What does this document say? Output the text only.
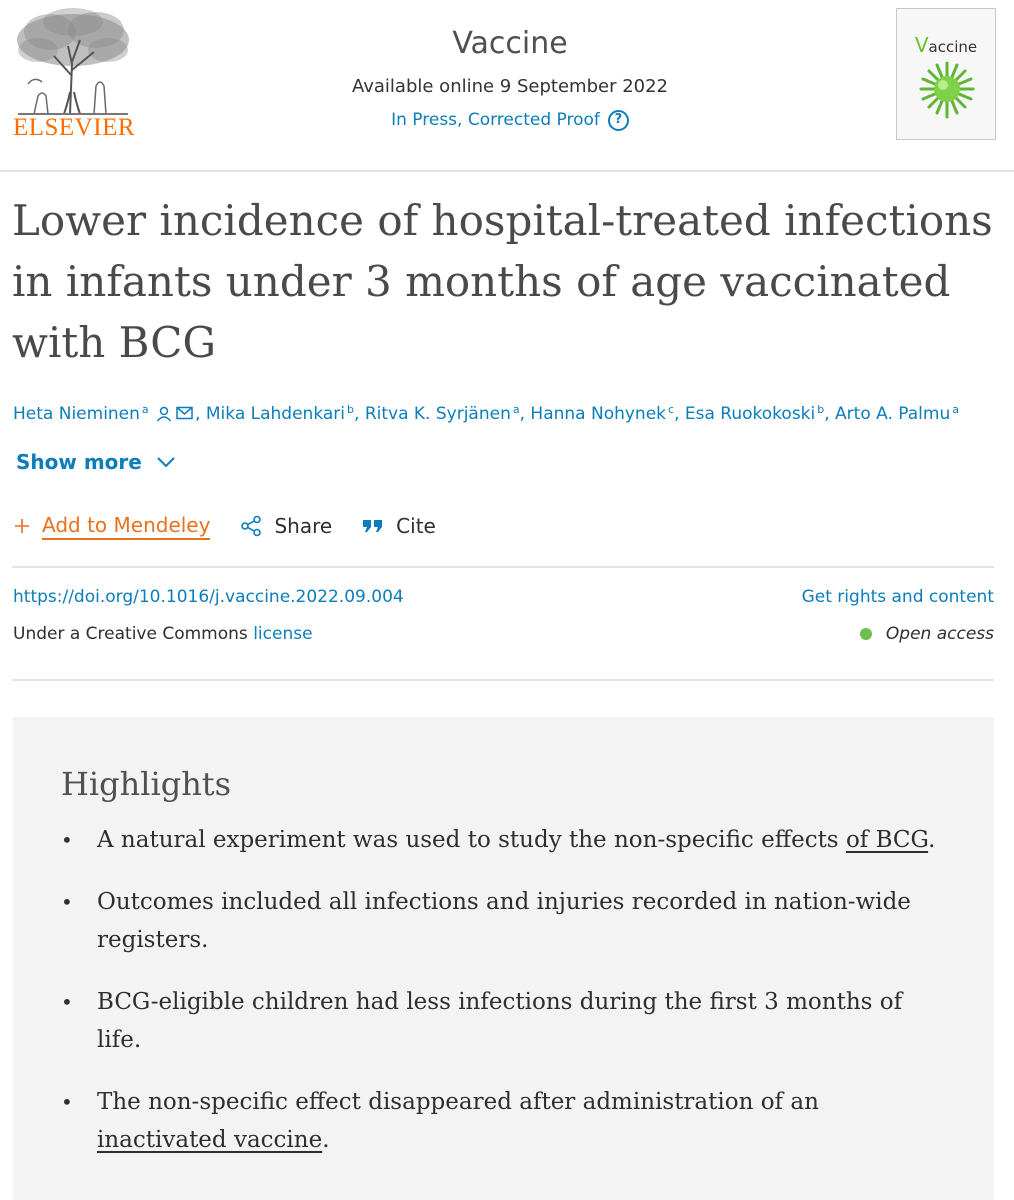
ELSEVIER
Vaccine
Available online 9 September 2022
In Press, Corrected Proof	?
Vaccine
Lower incidence of hospital-treated infections in infants under 3 months of age vaccinated with BCG
Heta Nieminen $^a$	, Mika Lahdenkari $^b$, Ritva K. Syrjänen $^a$, Hanna Nohynek $^c$, Esa Ruokokoski $^b$, Arto A. Palmu $^a$
Show more
Add to Mendeley	Share	Cite
https://doi.org/10.1016/j.vaccine.2022.09.004	Get rights and content
Under a Creative Commons license	Open access
Highlights
• A natural experiment was used to study the non-specific effects of BCG.
• Outcomes included all infections and injuries recorded in nation-wide registers.
• BCG-eligible children had less infections during the first 3 months of life.
• The non-specific effect disappeared after administration of an inactivated vaccine.
